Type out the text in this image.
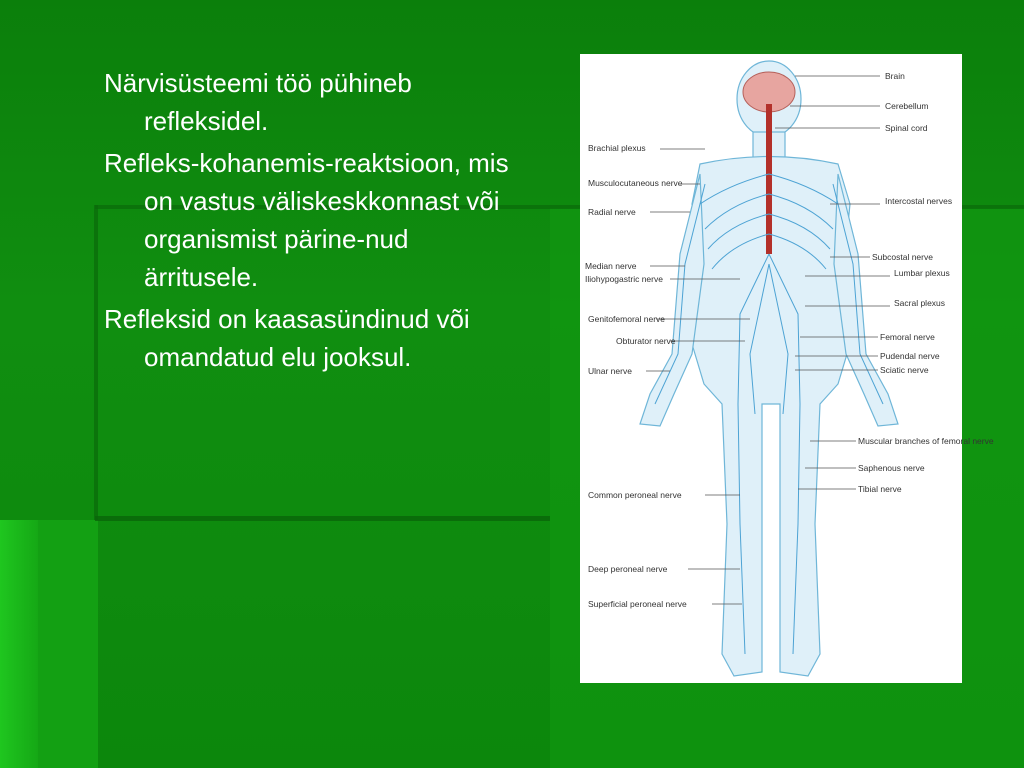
Närvisüsteemi töö pühineb refleksidel.

Refleks-kohanemis-reaktsioon, mis on vastus väliskeskkonnast või organismist pärine-nud ärritusele.

Refleksid on kaasasündinud või omandatud elu jooksul.

Brain
Cerebellum
Spinal cord
Intercostal nerves
Subcostal nerve
Lumbar plexus
Sacral plexus
Femoral nerve
Pudendal nerve
Sciatic nerve
Muscular branches of femoral nerve
Saphenous nerve
Tibial nerve
Brachial plexus
Musculocutaneous nerve
Radial nerve
Median nerve
Iliohypogastric nerve
Genitofemoral nerve
Obturator nerve
Ulnar nerve
Common peroneal nerve
Deep peroneal nerve
Superficial peroneal nerve
